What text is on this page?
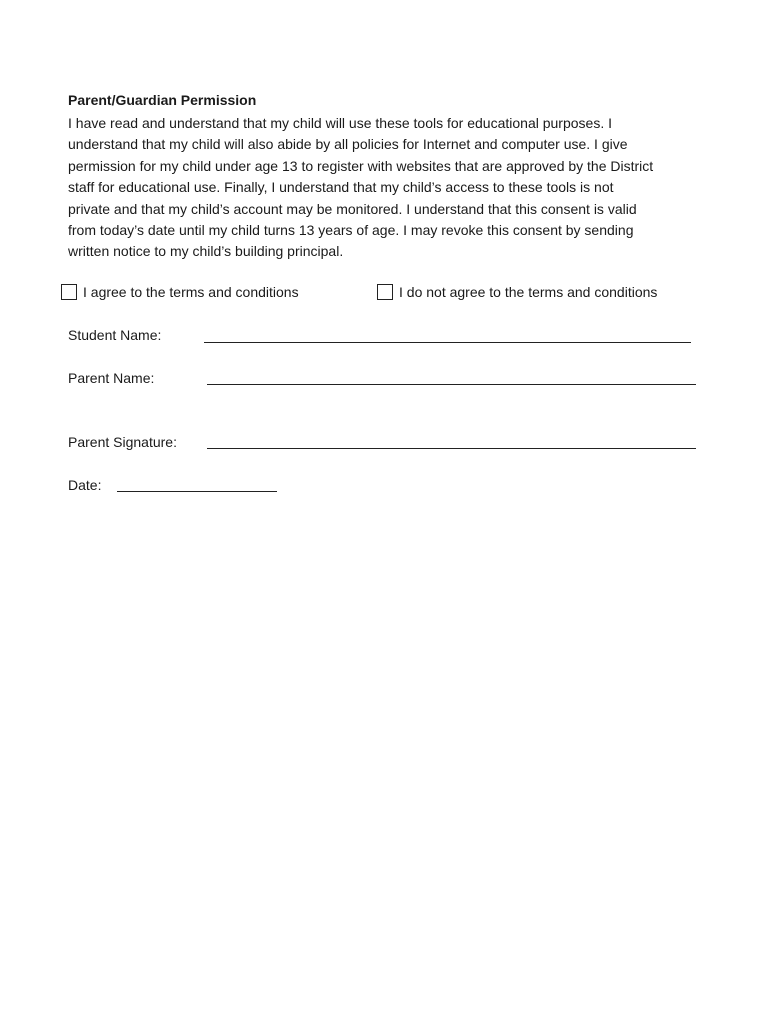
Parent/Guardian Permission

I have read and understand that my child will use these tools for educational purposes. I
understand that my child will also abide by all policies for Internet and computer use. I give
permission for my child under age 13 to register with websites that are approved by the District
staff for educational use. Finally, I understand that my child’s access to these tools is not
private and that my child’s account may be monitored. I understand that this consent is valid
from today’s date until my child turns 13 years of age. I may revoke this consent by sending
written notice to my child’s building principal.

I agree to the terms and conditions	I do not agree to the terms and conditions
Student Name:
Parent Name:
Parent Signature:
Date:
